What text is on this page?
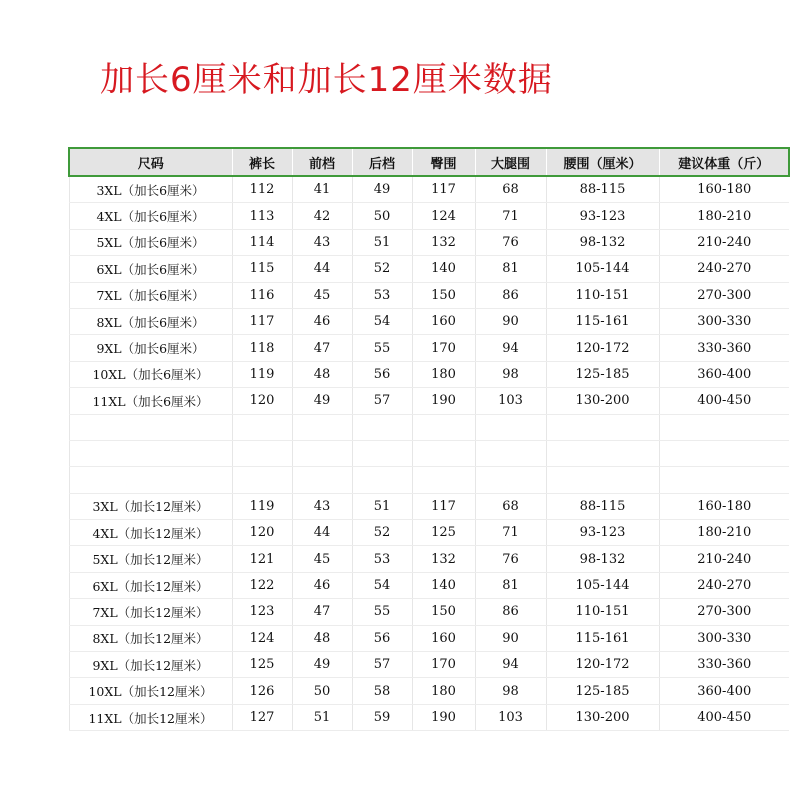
加长6厘米和加长12厘米数据
尺码	裤长	前档	后档	臀围	大腿围	腰围（厘米）	建议体重（斤）
3XL（加长6厘米）	112	41	49	117	68	88-115	160-180
4XL（加长6厘米）	113	42	50	124	71	93-123	180-210
5XL（加长6厘米）	114	43	51	132	76	98-132	210-240
6XL（加长6厘米）	115	44	52	140	81	105-144	240-270
7XL（加长6厘米）	116	45	53	150	86	110-151	270-300
8XL（加长6厘米）	117	46	54	160	90	115-161	300-330
9XL（加长6厘米）	118	47	55	170	94	120-172	330-360
10XL（加长6厘米）	119	48	56	180	98	125-185	360-400
11XL（加长6厘米）	120	49	57	190	103	130-200	400-450

3XL（加长12厘米）	119	43	51	117	68	88-115	160-180
4XL（加长12厘米）	120	44	52	125	71	93-123	180-210
5XL（加长12厘米）	121	45	53	132	76	98-132	210-240
6XL（加长12厘米）	122	46	54	140	81	105-144	240-270
7XL（加长12厘米）	123	47	55	150	86	110-151	270-300
8XL（加长12厘米）	124	48	56	160	90	115-161	300-330
9XL（加长12厘米）	125	49	57	170	94	120-172	330-360
10XL（加长12厘米）	126	50	58	180	98	125-185	360-400
11XL（加长12厘米）	127	51	59	190	103	130-200	400-450
